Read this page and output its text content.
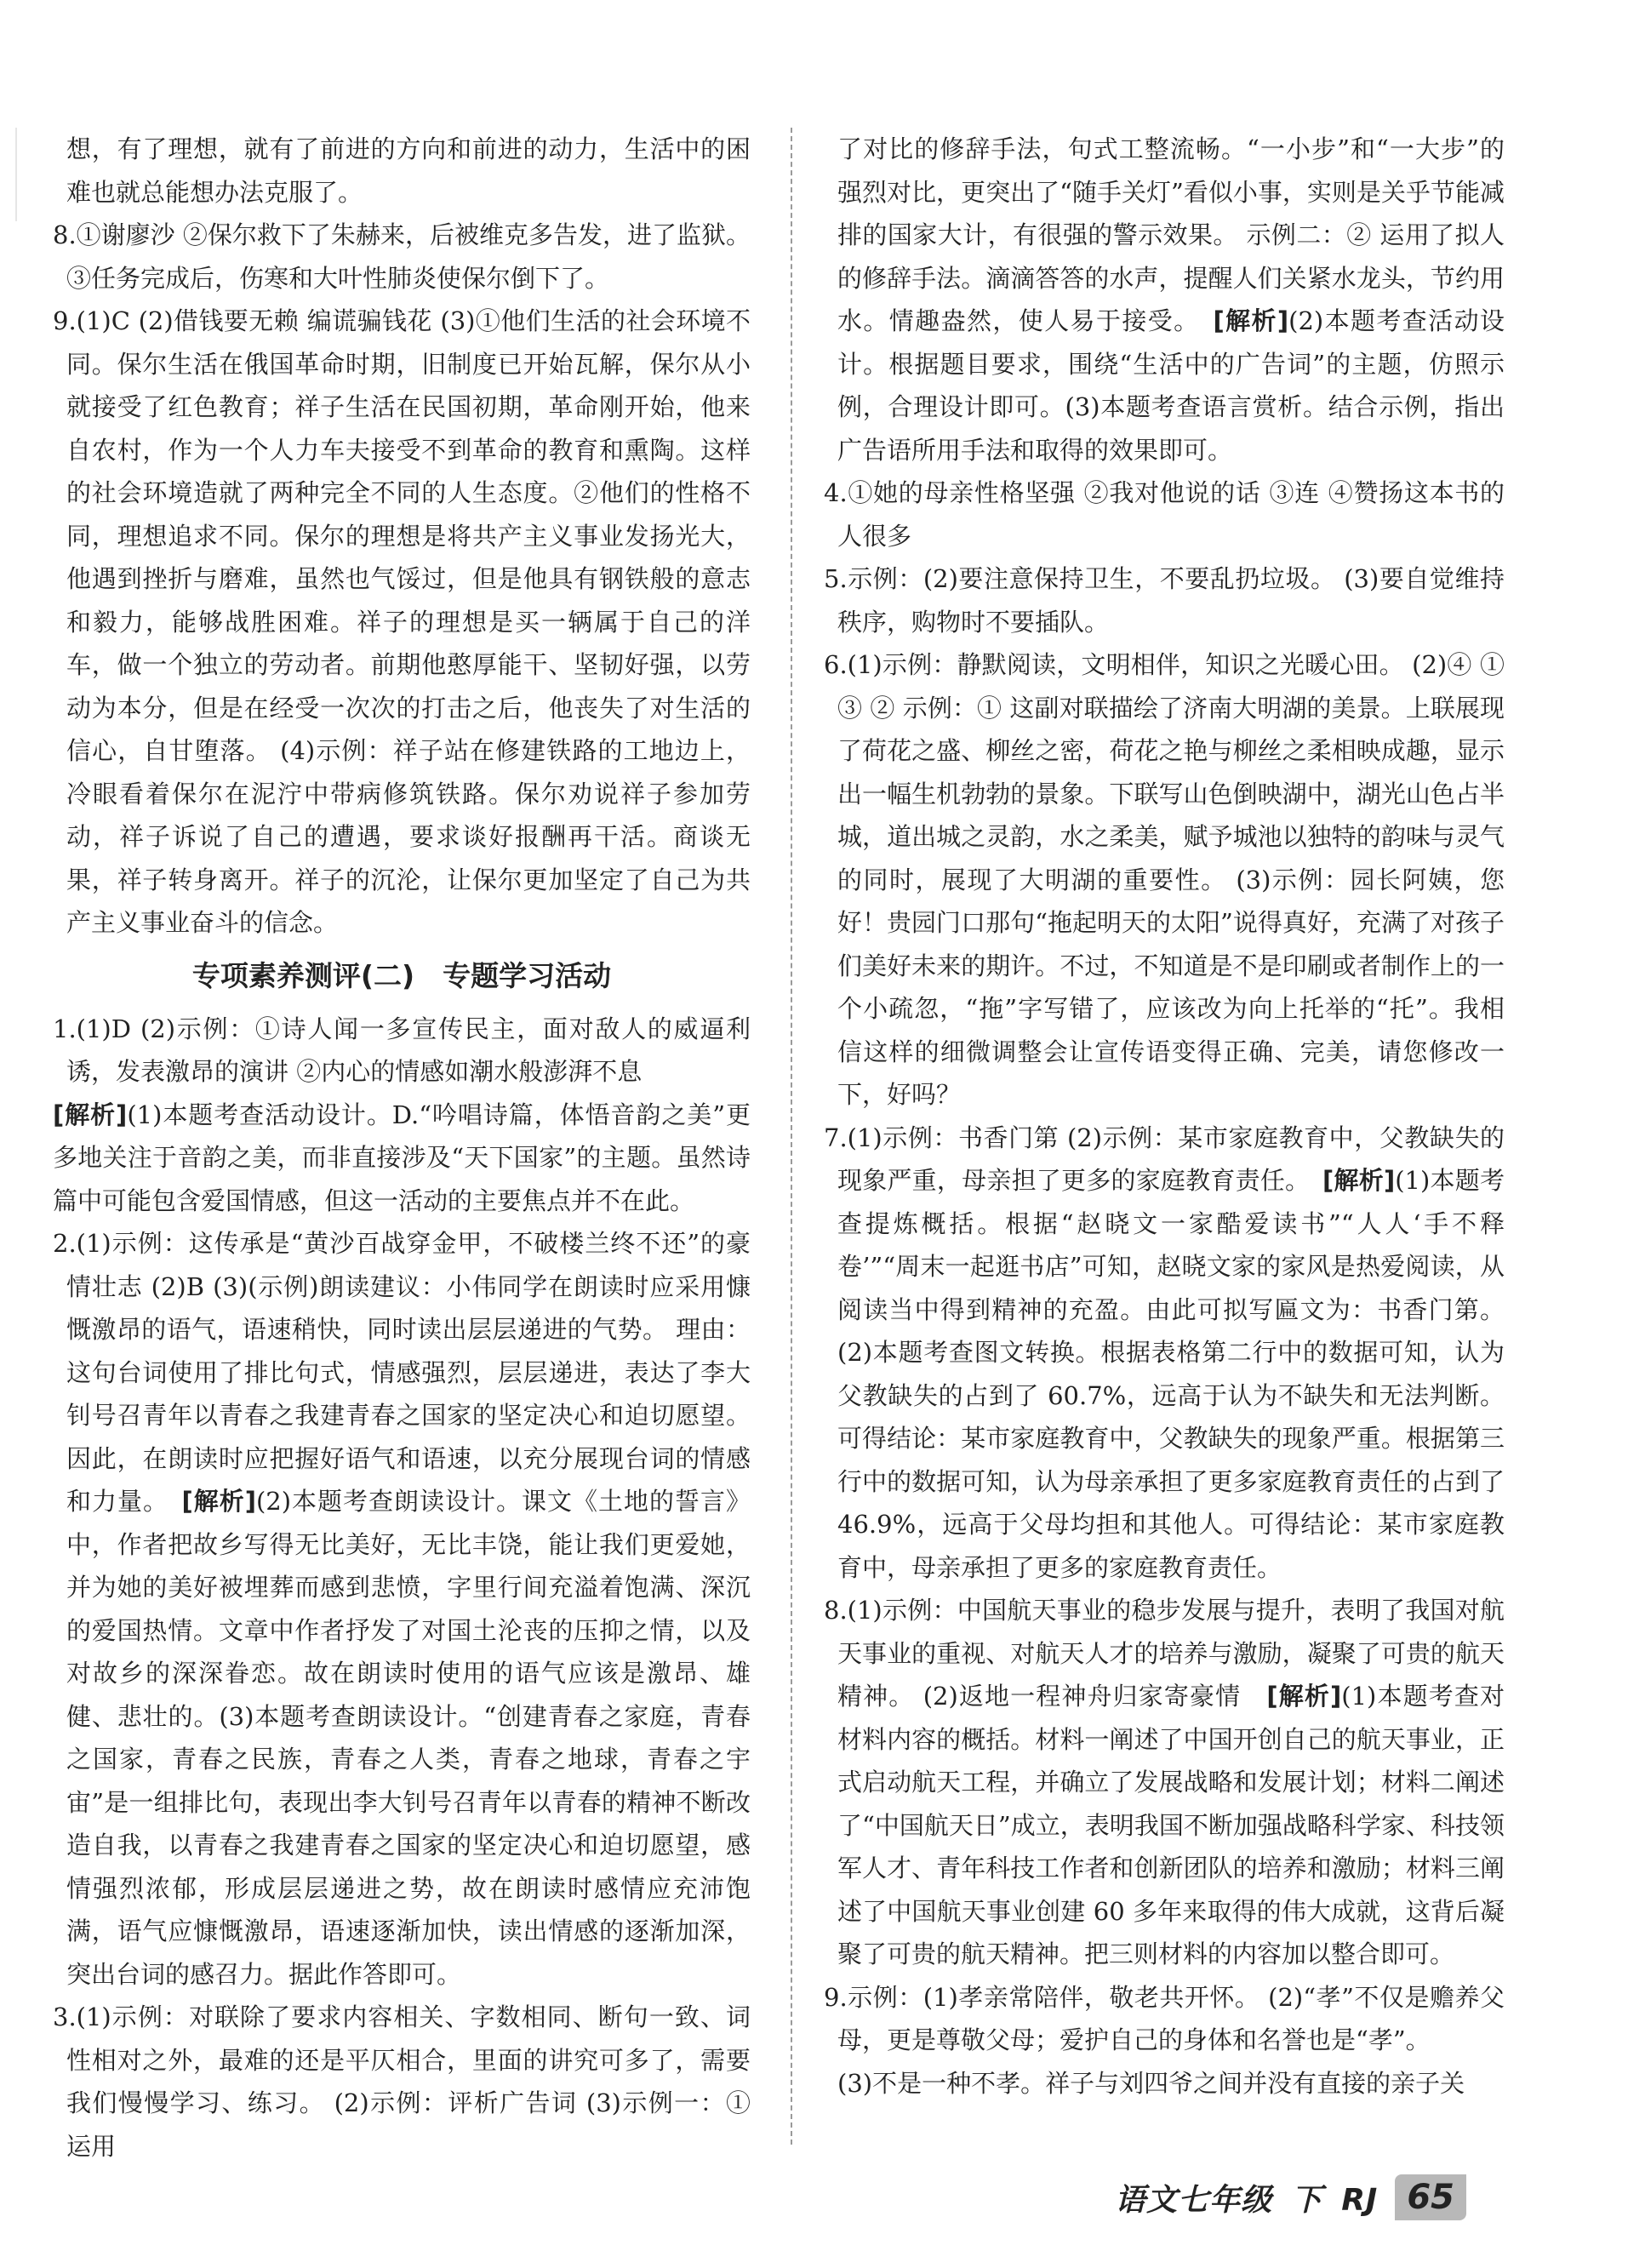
想，有了理想，就有了前进的方向和前进的动力，生活中的困难也就总能想办法克服了。

8.①谢廖沙 ②保尔救下了朱赫来，后被维克多告发，进了监狱。③任务完成后，伤寒和大叶性肺炎使保尔倒下了。

9.(1)C (2)借钱要无赖 编谎骗钱花 (3)①他们生活的社会环境不同。保尔生活在俄国革命时期，旧制度已开始瓦解，保尔从小就接受了红色教育；祥子生活在民国初期，革命刚开始，他来自农村，作为一个人力车夫接受不到革命的教育和熏陶。这样的社会环境造就了两种完全不同的人生态度。②他们的性格不同，理想追求不同。保尔的理想是将共产主义事业发扬光大，他遇到挫折与磨难，虽然也气馁过，但是他具有钢铁般的意志和毅力，能够战胜困难。祥子的理想是买一辆属于自己的洋车，做一个独立的劳动者。前期他憨厚能干、坚韧好强，以劳动为本分，但是在经受一次次的打击之后，他丧失了对生活的信心，自甘堕落。 (4)示例：祥子站在修建铁路的工地边上，冷眼看着保尔在泥泞中带病修筑铁路。保尔劝说祥子参加劳动，祥子诉说了自己的遭遇，要求谈好报酬再干活。商谈无果，祥子转身离开。祥子的沉沦，让保尔更加坚定了自己为共产主义事业奋斗的信念。

专项素养测评(二)　专题学习活动

1.(1)D (2)示例：①诗人闻一多宣传民主，面对敌人的威逼利诱，发表激昂的演讲 ②内心的情感如潮水般澎湃不息

[解析](1)本题考查活动设计。D.“吟唱诗篇，体悟音韵之美”更多地关注于音韵之美，而非直接涉及“天下国家”的主题。虽然诗篇中可能包含爱国情感，但这一活动的主要焦点并不在此。

2.(1)示例：这传承是“黄沙百战穿金甲，不破楼兰终不还”的豪情壮志 (2)B (3)(示例)朗读建议：小伟同学在朗读时应采用慷慨激昂的语气，语速稍快，同时读出层层递进的气势。 理由：这句台词使用了排比句式，情感强烈，层层递进，表达了李大钊号召青年以青春之我建青春之国家的坚定决心和迫切愿望。因此，在朗读时应把握好语气和语速，以充分展现台词的情感和力量。　 [解析](2)本题考查朗读设计。课文《土地的誓言》中，作者把故乡写得无比美好，无比丰饶，能让我们更爱她，并为她的美好被埋葬而感到悲愤，字里行间充溢着饱满、深沉的爱国热情。文章中作者抒发了对国土沦丧的压抑之情，以及对故乡的深深眷恋。故在朗读时使用的语气应该是激昂、雄健、悲壮的。(3)本题考查朗读设计。“创建青春之家庭，青春之国家，青春之民族，青春之人类，青春之地球，青春之宇宙”是一组排比句，表现出李大钊号召青年以青春的精神不断改造自我，以青春之我建青春之国家的坚定决心和迫切愿望，感情强烈浓郁，形成层层递进之势，故在朗读时感情应充沛饱满，语气应慷慨激昂，语速逐渐加快，读出情感的逐渐加深，突出台词的感召力。据此作答即可。

3.(1)示例：对联除了要求内容相关、字数相同、断句一致、词性相对之外，最难的还是平仄相合，里面的讲究可多了，需要我们慢慢学习、练习。 (2)示例：评析广告词 (3)示例一：① 运用

了对比的修辞手法，句式工整流畅。“一小步”和“一大步”的强烈对比，更突出了“随手关灯”看似小事，实则是关乎节能减排的国家大计，有很强的警示效果。 示例二：② 运用了拟人的修辞手法。滴滴答答的水声，提醒人们关紧水龙头，节约用水。情趣盎然，使人易于接受。　 [解析](2)本题考查活动设计。根据题目要求，围绕“生活中的广告词”的主题，仿照示例，合理设计即可。(3)本题考查语言赏析。结合示例，指出广告语所用手法和取得的效果即可。

4.①她的母亲性格坚强 ②我对他说的话 ③连 ④赞扬这本书的人很多

5.示例：(2)要注意保持卫生，不要乱扔垃圾。 (3)要自觉维持秩序，购物时不要插队。

6.(1)示例：静默阅读，文明相伴，知识之光暖心田。 (2)④ ① ③ ② 示例：① 这副对联描绘了济南大明湖的美景。上联展现了荷花之盛、柳丝之密，荷花之艳与柳丝之柔相映成趣，显示出一幅生机勃勃的景象。下联写山色倒映湖中，湖光山色占半城，道出城之灵韵，水之柔美，赋予城池以独特的韵味与灵气的同时，展现了大明湖的重要性。 (3)示例：园长阿姨，您好！贵园门口那句“拖起明天的太阳”说得真好，充满了对孩子们美好未来的期许。不过，不知道是不是印刷或者制作上的一个小疏忽，“拖”字写错了，应该改为向上托举的“托”。我相信这样的细微调整会让宣传语变得正确、完美，请您修改一下，好吗？

7.(1)示例：书香门第 (2)示例：某市家庭教育中，父教缺失的现象严重，母亲担了更多的家庭教育责任。　 [解析](1)本题考查提炼概括。根据“赵晓文一家酷爱读书”“人人‘手不释卷’”“周末一起逛书店”可知，赵晓文家的家风是热爱阅读，从阅读当中得到精神的充盈。由此可拟写匾文为：书香门第。(2)本题考查图文转换。根据表格第二行中的数据可知，认为父教缺失的占到了 60.7%，远高于认为不缺失和无法判断。可得结论：某市家庭教育中，父教缺失的现象严重。根据第三行中的数据可知，认为母亲承担了更多家庭教育责任的占到了 46.9%，远高于父母均担和其他人。可得结论：某市家庭教育中，母亲承担了更多的家庭教育责任。

8.(1)示例：中国航天事业的稳步发展与提升，表明了我国对航天事业的重视、对航天人才的培养与激励，凝聚了可贵的航天精神。 (2)返地一程神舟归家寄豪情　 [解析](1)本题考查对材料内容的概括。材料一阐述了中国开创自己的航天事业，正式启动航天工程，并确立了发展战略和发展计划；材料二阐述了“中国航天日”成立，表明我国不断加强战略科学家、科技领军人才、青年科技工作者和创新团队的培养和激励；材料三阐述了中国航天事业创建 60 多年来取得的伟大成就，这背后凝聚了可贵的航天精神。把三则材料的内容加以整合即可。

9.示例：(1)孝亲常陪伴，敬老共开怀。 (2)“孝”不仅是赡养父母，更是尊敬父母；爱护自己的身体和名誉也是“孝”。

(3)不是一种不孝。祥子与刘四爷之间并没有直接的亲子关

语文七年级 下 RJ 65
